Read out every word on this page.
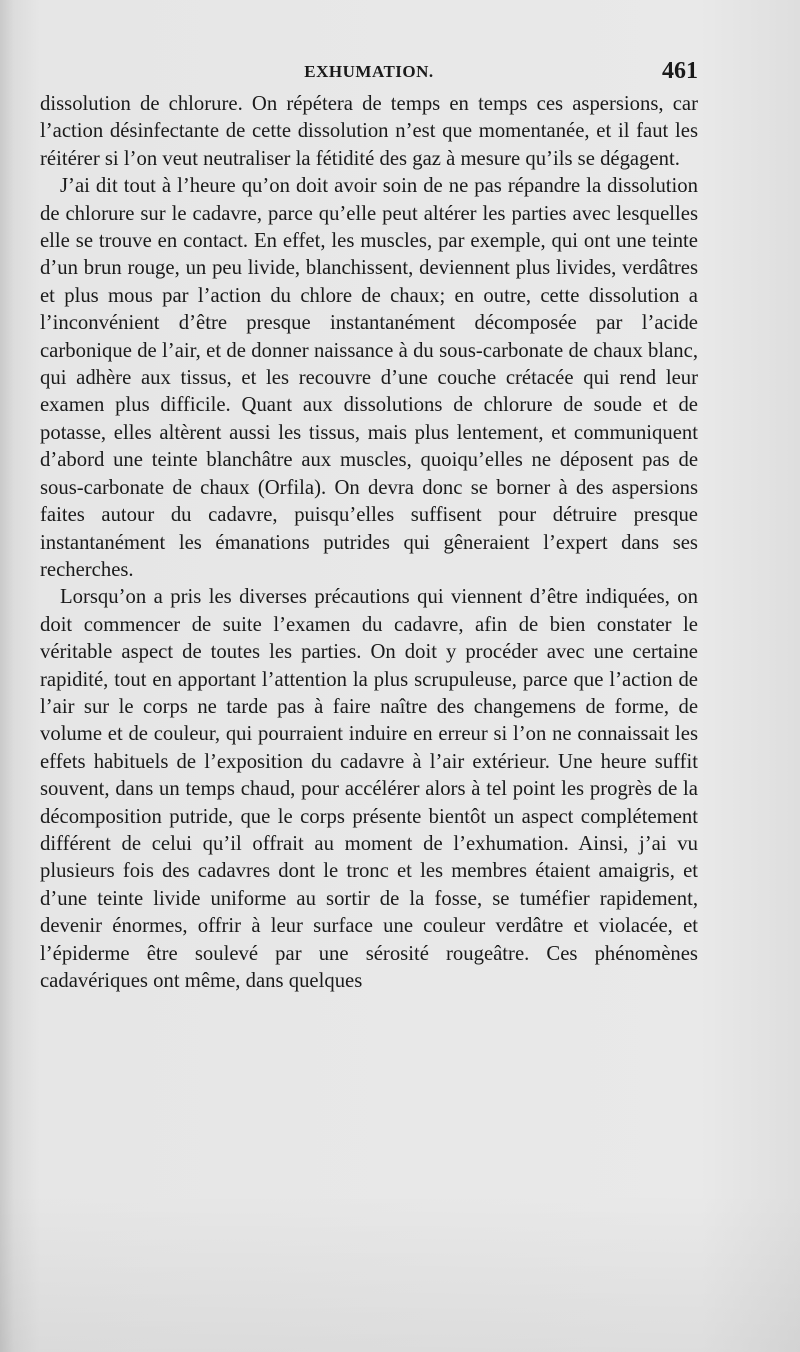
EXHUMATION.	461

dissolution de chlorure. On répétera de temps en temps ces aspersions, car l’action désinfectante de cette dissolution n’est que momentanée, et il faut les réitérer si l’on veut neutraliser la fétidité des gaz à mesure qu’ils se dégagent.

J’ai dit tout à l’heure qu’on doit avoir soin de ne pas répandre la dissolution de chlorure sur le cadavre, parce qu’elle peut altérer les parties avec lesquelles elle se trouve en contact. En effet, les muscles, par exemple, qui ont une teinte d’un brun rouge, un peu livide, blanchissent, deviennent plus livides, verdâtres et plus mous par l’action du chlore de chaux; en outre, cette dissolution a l’inconvénient d’être presque instantanément décomposée par l’acide carbonique de l’air, et de donner naissance à du sous-carbonate de chaux blanc, qui adhère aux tissus, et les recouvre d’une couche crétacée qui rend leur examen plus difficile. Quant aux dissolutions de chlorure de soude et de potasse, elles altèrent aussi les tissus, mais plus lentement, et communiquent d’abord une teinte blanchâtre aux muscles, quoiqu’elles ne déposent pas de sous-carbonate de chaux (Orfila). On devra donc se borner à des aspersions faites autour du cadavre, puisqu’elles suffisent pour détruire presque instantanément les émanations putrides qui gêneraient l’expert dans ses recherches.

Lorsqu’on a pris les diverses précautions qui viennent d’être indiquées, on doit commencer de suite l’examen du cadavre, afin de bien constater le véritable aspect de toutes les parties. On doit y procéder avec une certaine rapidité, tout en apportant l’attention la plus scrupuleuse, parce que l’action de l’air sur le corps ne tarde pas à faire naître des changemens de forme, de volume et de couleur, qui pourraient induire en erreur si l’on ne connaissait les effets habituels de l’exposition du cadavre à l’air extérieur. Une heure suffit souvent, dans un temps chaud, pour accélérer alors à tel point les progrès de la décomposition putride, que le corps présente bientôt un aspect complétement différent de celui qu’il offrait au moment de l’exhumation. Ainsi, j’ai vu plusieurs fois des cadavres dont le tronc et les membres étaient amaigris, et d’une teinte livide uniforme au sortir de la fosse, se tuméfier rapidement, devenir énormes, offrir à leur surface une couleur verdâtre et violacée, et l’épiderme être soulevé par une sérosité rougeâtre. Ces phénomènes cadavériques ont même, dans quelques
